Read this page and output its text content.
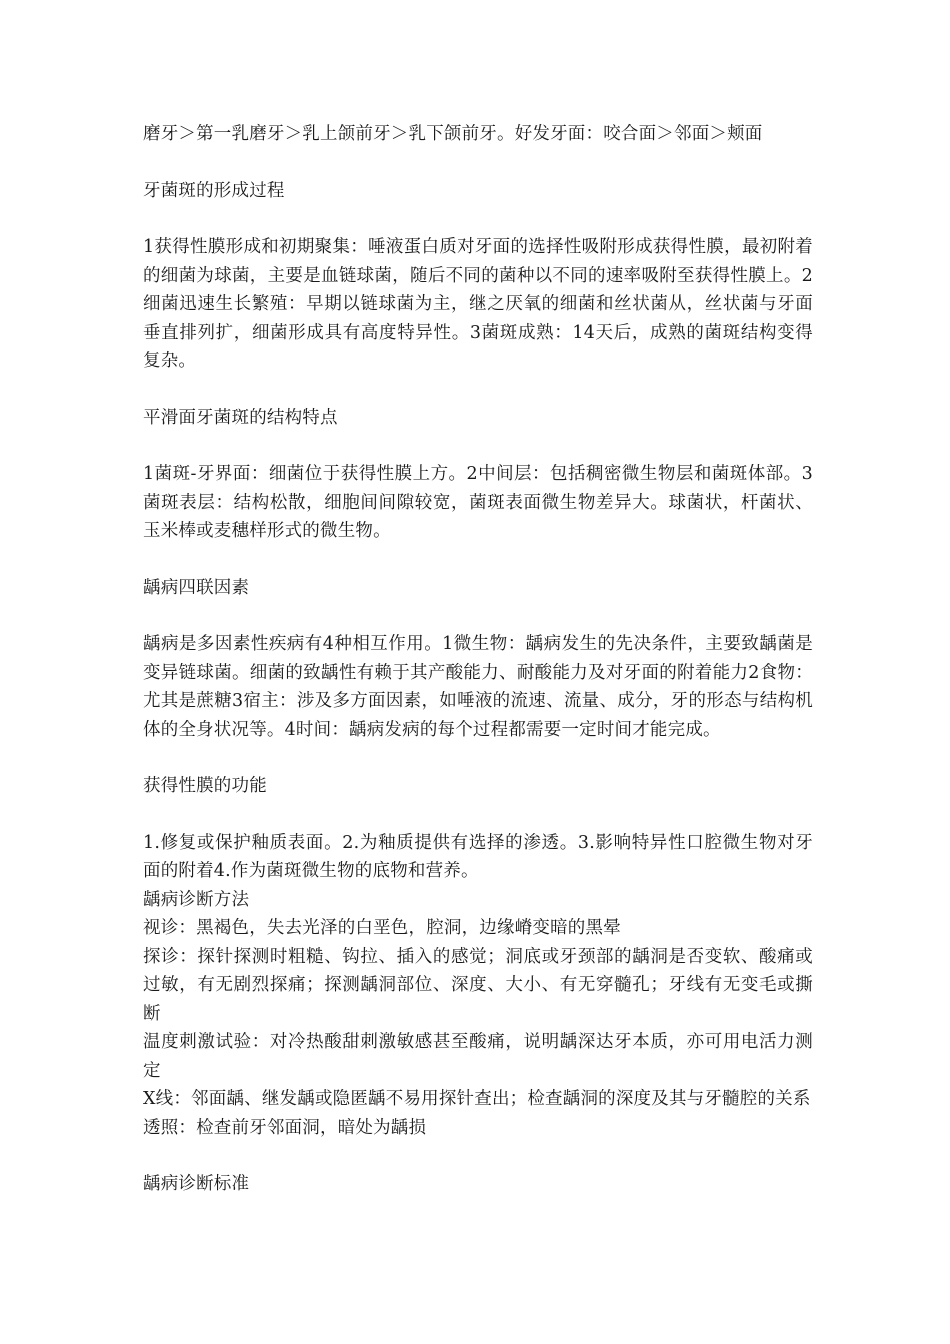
磨牙＞第一乳磨牙＞乳上颌前牙＞乳下颌前牙。好发牙面：咬合面＞邻面＞颊面

牙菌斑的形成过程

1获得性膜形成和初期聚集：唾液蛋白质对牙面的选择性吸附形成获得性膜，最初附着的细菌为球菌，主要是血链球菌，随后不同的菌种以不同的速率吸附至获得性膜上。2细菌迅速生长繁殖：早期以链球菌为主，继之厌氧的细菌和丝状菌从，丝状菌与牙面垂直排列扩，细菌形成具有高度特异性。3菌斑成熟：14天后，成熟的菌斑结构变得复杂。

平滑面牙菌斑的结构特点

1菌斑-牙界面：细菌位于获得性膜上方。2中间层：包括稠密微生物层和菌斑体部。3菌斑表层：结构松散，细胞间间隙较宽，菌斑表面微生物差异大。球菌状，杆菌状、玉米棒或麦穗样形式的微生物。

龋病四联因素

龋病是多因素性疾病有4种相互作用。1微生物：龋病发生的先决条件，主要致龋菌是变异链球菌。细菌的致龋性有赖于其产酸能力、耐酸能力及对牙面的附着能力2食物：尤其是蔗糖3宿主：涉及多方面因素，如唾液的流速、流量、成分，牙的形态与结构机体的全身状况等。4时间：龋病发病的每个过程都需要一定时间才能完成。

获得性膜的功能

1.修复或保护釉质表面。2.为釉质提供有选择的渗透。3.影响特异性口腔微生物对牙面的附着4.作为菌斑微生物的底物和营养。

龋病诊断方法

视诊：黑褐色，失去光泽的白垩色，腔洞，边缘嵴变暗的黑晕

探诊：探针探测时粗糙、钩拉、插入的感觉；洞底或牙颈部的龋洞是否变软、酸痛或过敏，有无剧烈探痛；探测龋洞部位、深度、大小、有无穿髓孔；牙线有无变毛或撕断

温度刺激试验：对冷热酸甜刺激敏感甚至酸痛，说明龋深达牙本质，亦可用电活力测定

X线：邻面龋、继发龋或隐匿龋不易用探针查出；检查龋洞的深度及其与牙髓腔的关系

透照：检查前牙邻面洞，暗处为龋损

龋病诊断标准
